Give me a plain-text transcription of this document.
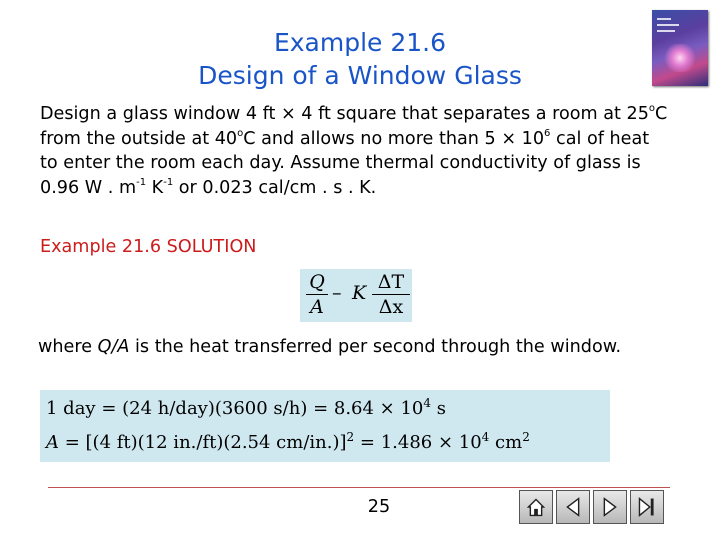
Example 21.6
Design of a Window Glass
Design a glass window 4 ft × 4 ft square that separates a room at 25$^o$C from the outside at 40$^o$C and allows no more than $5 \times 10^6$ cal of heat to enter the room each day. Assume thermal conductivity of glass is 0.96 W . $m^{-1}$ $K^{-1}$ or 0.023 cal/cm . s . K.
Example 21.6 SOLUTION
Q
A
– K ΔT
Δx
where Q/A is the heat transferred per second through the window.
1 day = (24 h/day)(3600 $s/h) = 8.64 \times 10^4$ s
A = [(4 ft)(12 in./ft)(2.54 $cm/in.)]^2 = 1.486 \times 10^4$ $cm^2$
25
